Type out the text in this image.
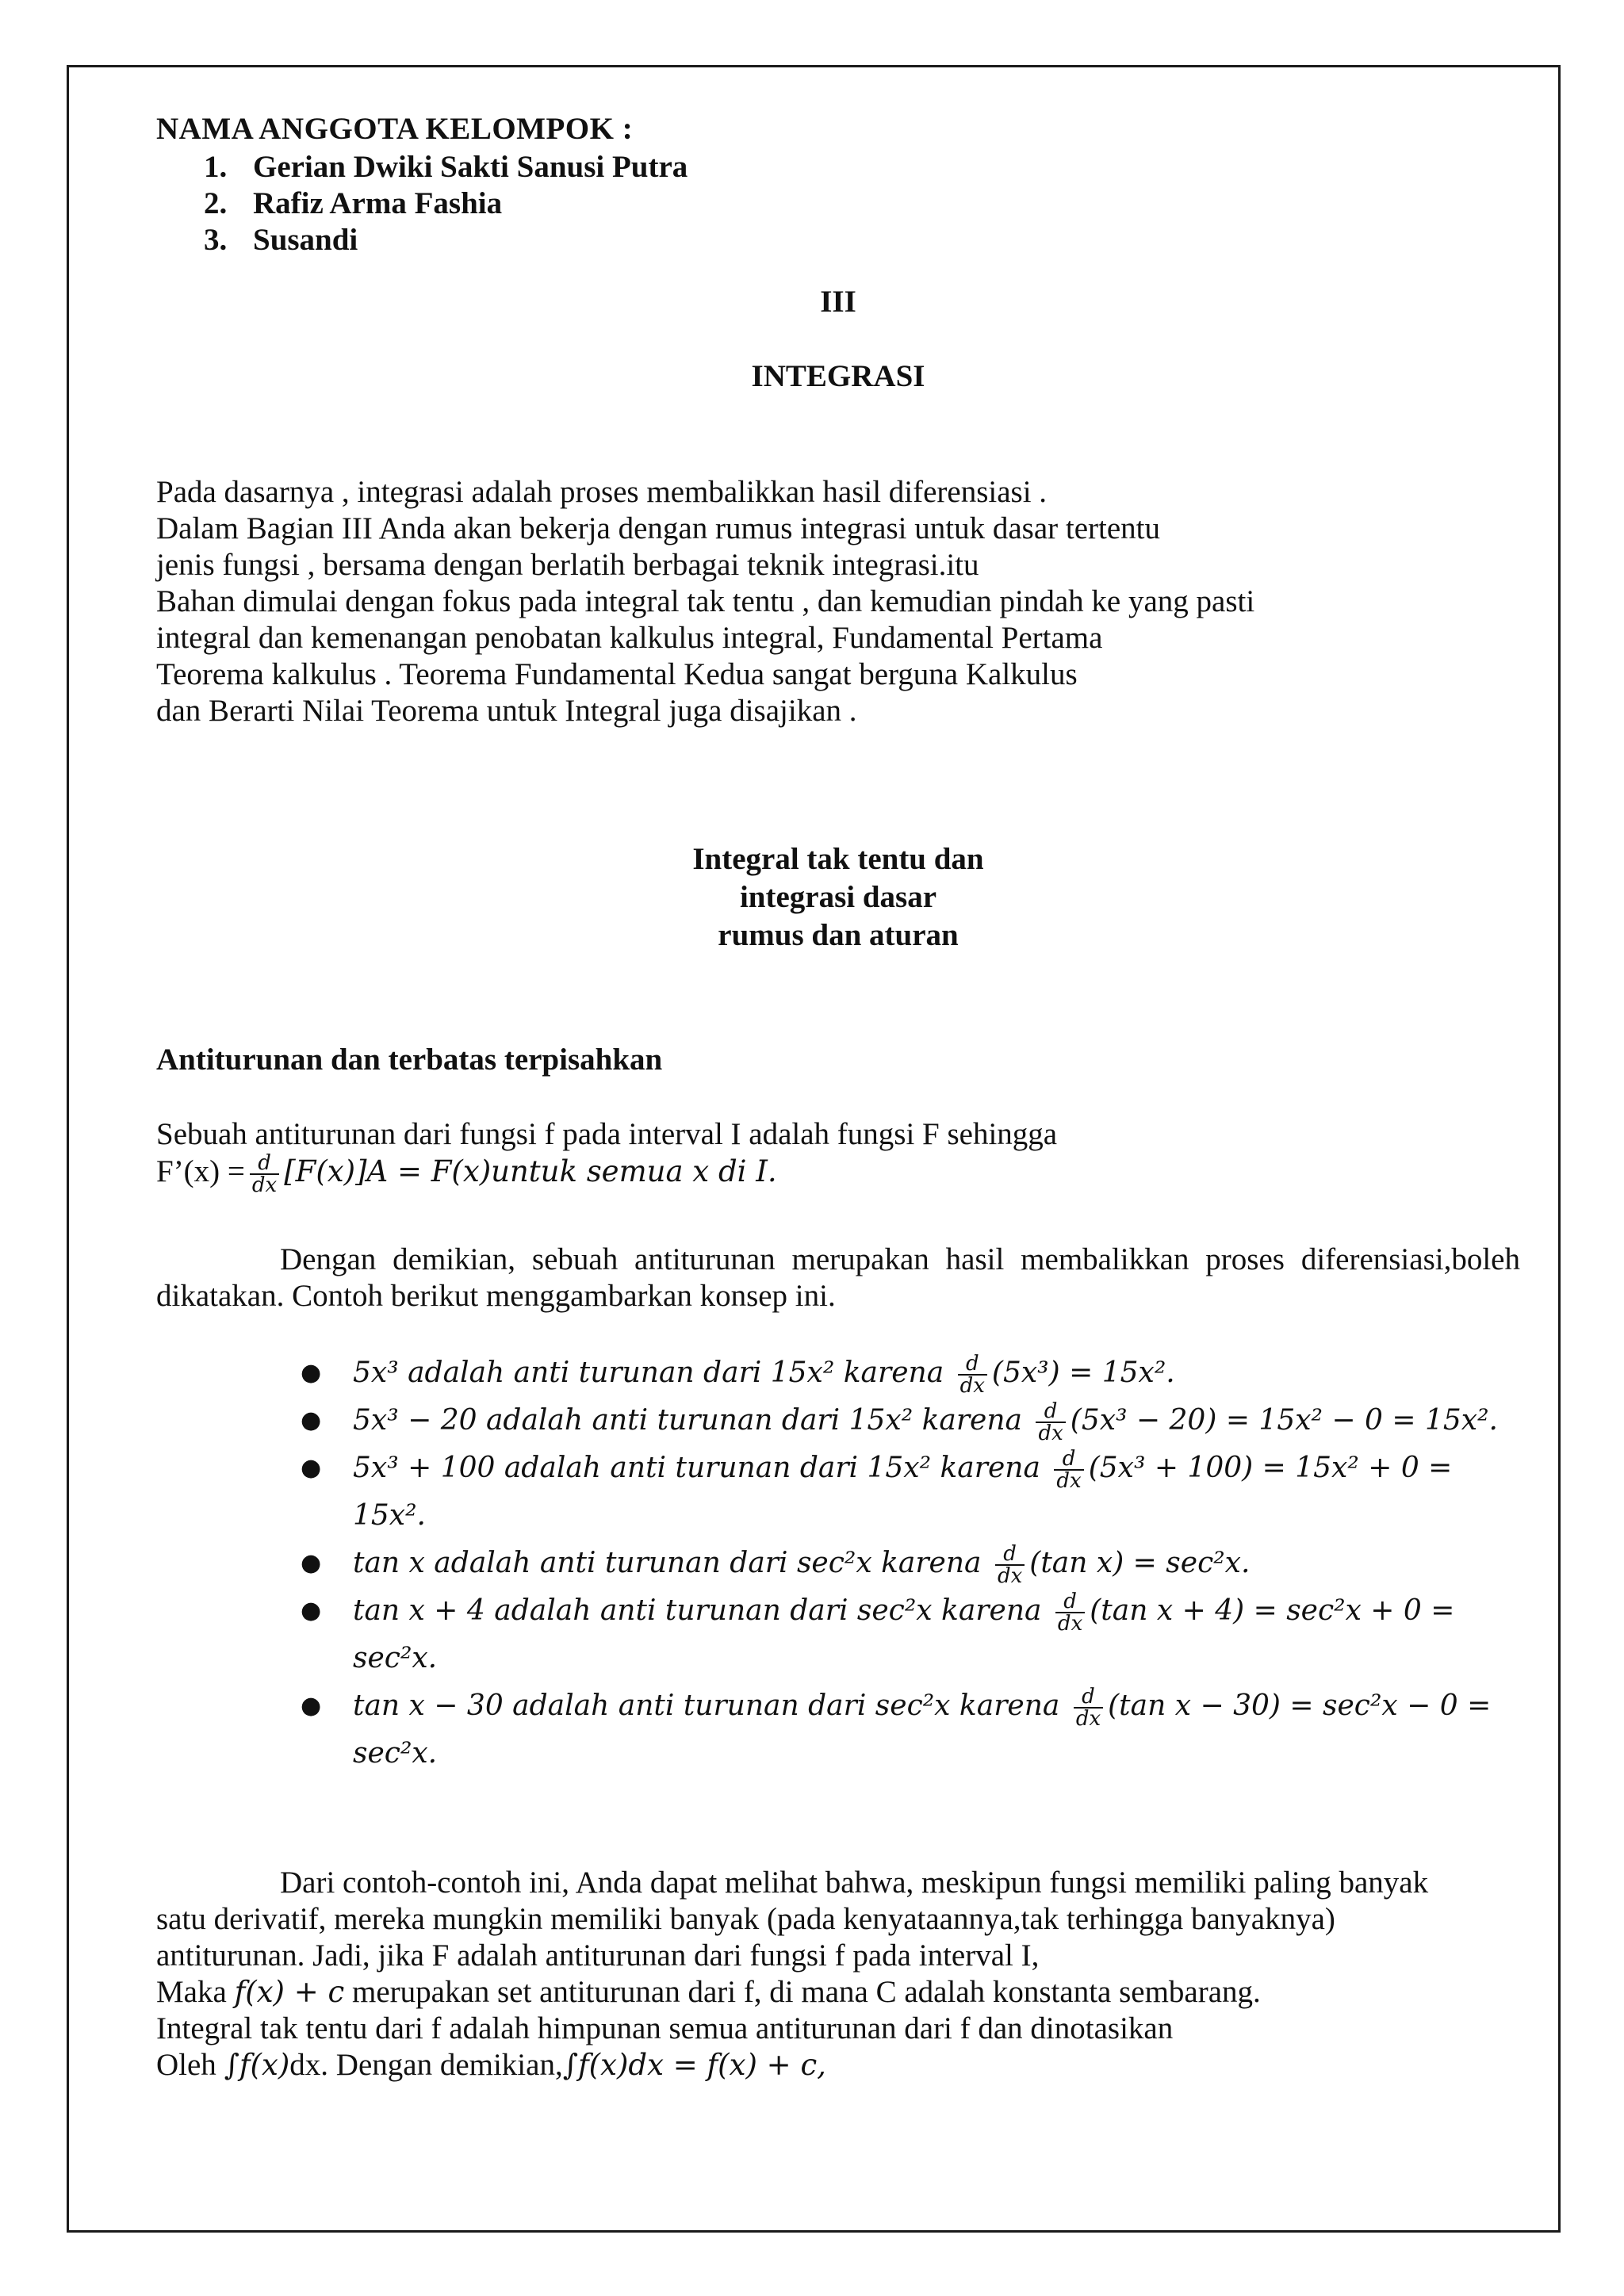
NAMA ANGGOTA KELOMPOK :

1. Gerian Dwiki Sakti Sanusi Putra
2. Rafiz Arma Fashia
3. Susandi

III

INTEGRASI

Pada dasarnya , integrasi adalah proses membalikkan hasil diferensiasi .

Dalam Bagian III Anda akan bekerja dengan rumus integrasi untuk dasar tertentu

jenis fungsi , bersama dengan berlatih berbagai teknik integrasi.itu

Bahan dimulai dengan fokus pada integral tak tentu , dan kemudian pindah ke yang pasti

integral dan kemenangan penobatan kalkulus integral, Fundamental Pertama

Teorema kalkulus . Teorema Fundamental Kedua sangat berguna Kalkulus

dan Berarti Nilai Teorema untuk Integral juga disajikan .

Integral tak tentu dan

integrasi dasar

rumus dan aturan

Antiturunan dan terbatas terpisahkan

Sebuah antiturunan dari fungsi f pada interval I adalah fungsi F sehingga

F’(x) = $\frac{d}{dx} [F(x)]A$ = F(x)untuk semua x di I.

Dengan demikian, sebuah antiturunan merupakan hasil membalikkan proses diferensiasi,boleh dikatakan. Contoh berikut menggambarkan konsep ini.

● 5x³ adalah anti turunan dari 15x² karena $\frac{d}{dx} (5x^3) = 15x^2$.
● 5x³ − 20 adalah anti turunan dari 15x² karena $\frac{d}{dx} (5x^3 - 20) = 15x^2 - 0 = 15x^2$.
● 5x³ + 100 adalah anti turunan dari 15x² karena $\frac{d}{dx} (5x^3 + 100) = 15x^2 + 0$ =
15x².
● tan x adalah anti turunan dari sec²x karena $\frac{d}{dx} (\tan$ x) = sec²x.
● tan x + 4 adalah anti turunan dari sec²x karena $\frac{d}{dx} (\tan$ x + 4) = sec²x + 0 =
sec²x.
● tan x − 30 adalah anti turunan dari sec²x karena $\frac{d}{dx} (\tan$ x − 30) = sec²x − 0 =
sec²x.

Dari contoh-contoh ini, Anda dapat melihat bahwa, meskipun fungsi memiliki paling banyak

satu derivatif, mereka mungkin memiliki banyak (pada kenyataannya,tak terhingga banyaknya)

antiturunan. Jadi, jika F adalah antiturunan dari fungsi f pada interval I,

Maka f(x) + c merupakan set antiturunan dari f, di mana C adalah konstanta sembarang.

Integral tak tentu dari f adalah himpunan semua antiturunan dari f dan dinotasikan

Oleh ∫f(x)dx. Dengan demikian,∫f(x)dx = f(x) + c,
